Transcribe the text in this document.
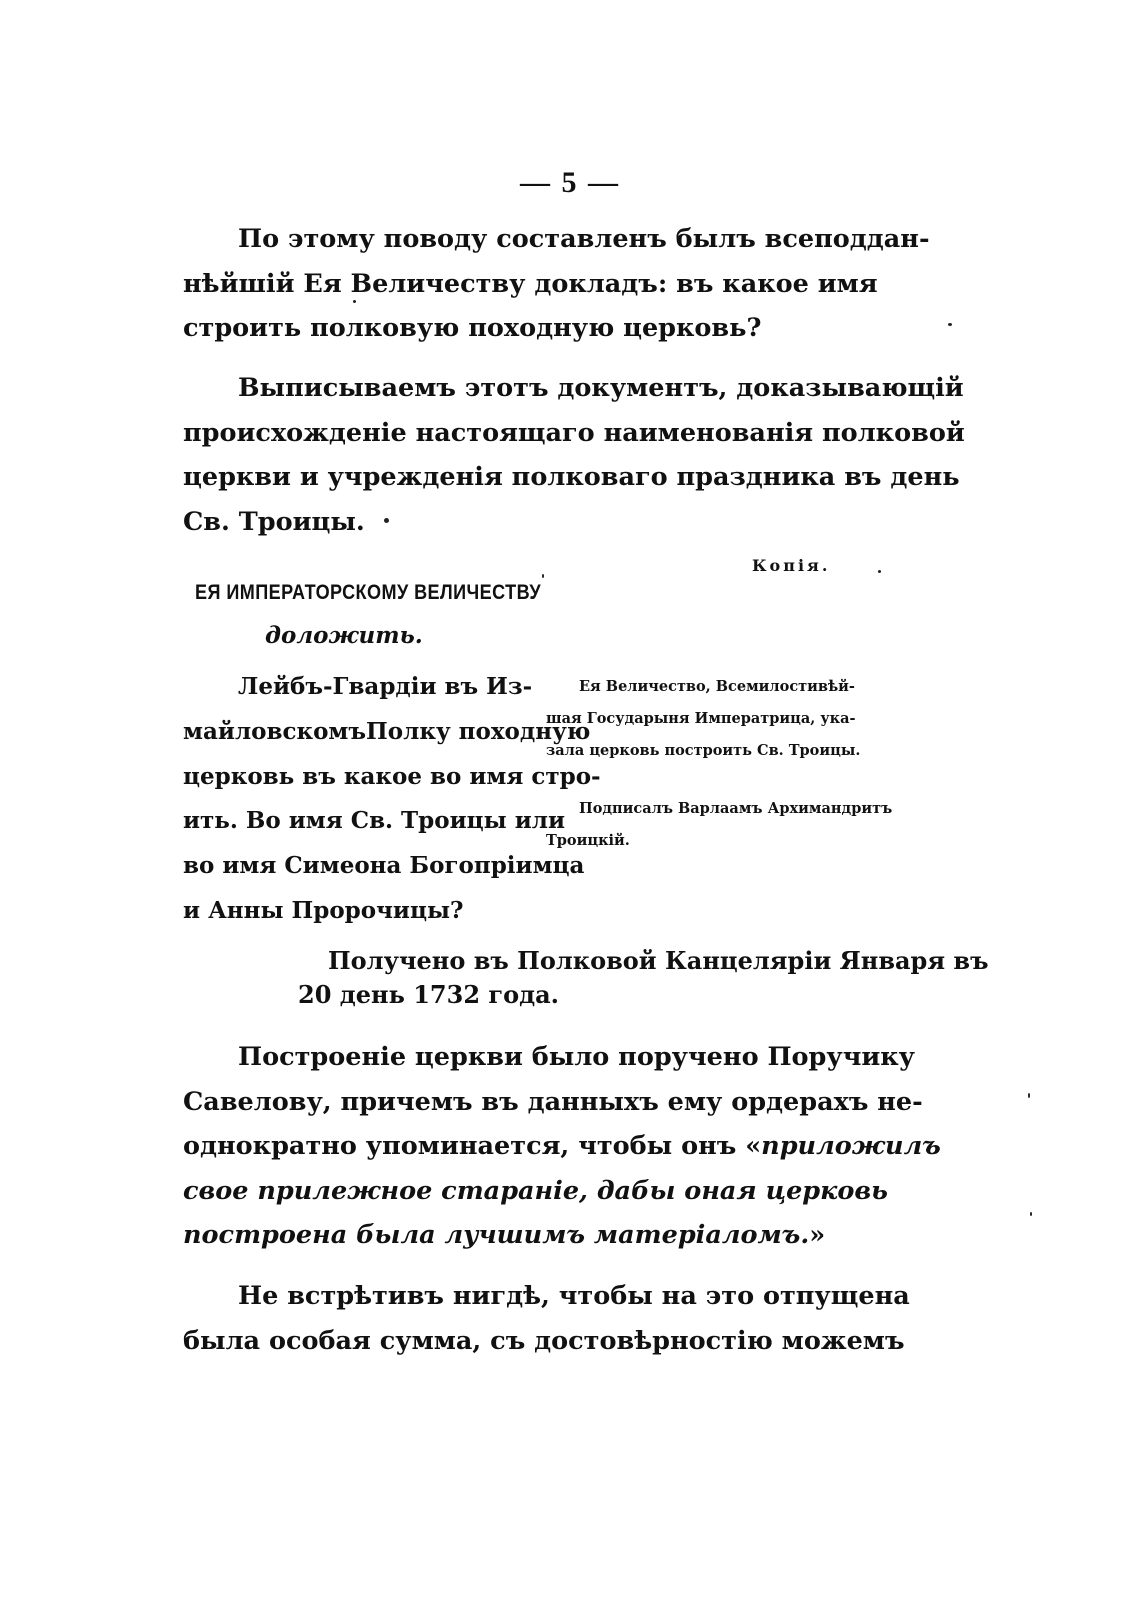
— 5 —
По этому поводу составленъ былъ всеподдан-
нѣйшій Ея Величеству докладъ: въ какое имя
строить полковую походную церковь?
Выписываемъ этотъ документъ, доказывающій
происхожденіе настоящаго наименованія полковой
церкви и учрежденія полковаго праздника въ день
Св. Троицы.
Копія.
ЕЯ ИМПЕРАТОРСКОМУ ВЕЛИЧЕСТВУ
доложить.
Лейбъ-Гвардіи въ Из-
майловскомъПолку походную
церковь въ какое во имя стро-
ить. Во имя Св. Троицы или
во имя Симеона Богопріимца
и Анны Пророчицы?
Ея Величество, Всемилостивѣй-
шая Государыня Императрица, ука-
зала церковь построить Св. Троицы.
Подписалъ Варлаамъ Архимандритъ
Троицкій.
Получено въ Полковой Канцеляріи Января въ
20 день 1732 года.
Построеніе церкви было поручено Поручику
Савелову, причемъ въ данныхъ ему ордерахъ не-
однократно упоминается, чтобы онъ «приложилъ
свое прилежное стараніе, дабы оная церковь
построена была лучшимъ матеріаломъ.»
Не встрѣтивъ нигдѣ, чтобы на это отпущена
была особая сумма, съ достовѣрностію можемъ
